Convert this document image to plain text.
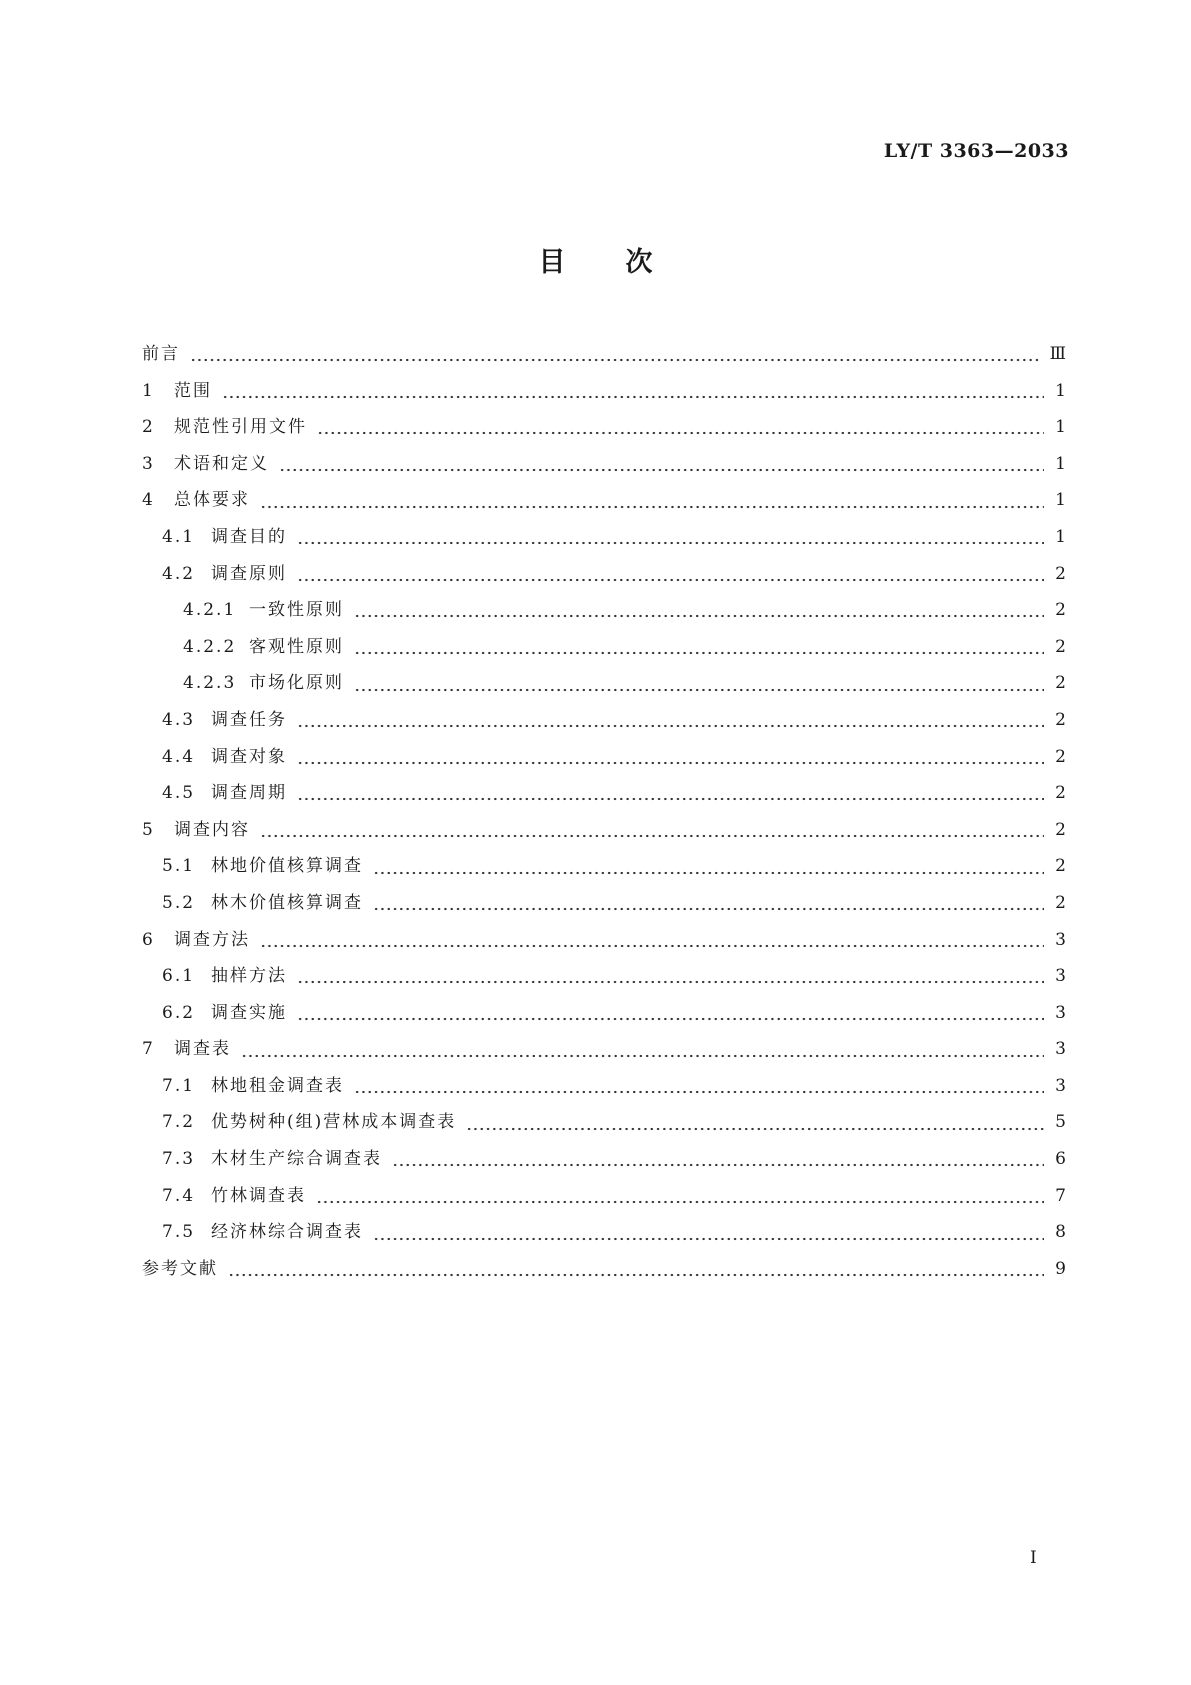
LY/T 3363—2033
目次
前言	Ⅲ
1	范围	1
2	规范性引用文件	1
3	术语和定义	1
4	总体要求	1
4.1 调查目的	1
4.2 调查原则	2
4.2.1 一致性原则	2
4.2.2 客观性原则	2
4.2.3 市场化原则	2
4.3 调查任务	2
4.4 调查对象	2
4.5 调查周期	2
5	调查内容	2
5.1 林地价值核算调查	2
5.2 林木价值核算调查	2
6	调查方法	3
6.1 抽样方法	3
6.2 调查实施	3
7	调查表	3
7.1 林地租金调查表	3
7.2 优势树种(组)营林成本调查表	5
7.3 木材生产综合调查表	6
7.4 竹林调查表	7
7.5 经济林综合调查表	8
参考文献	9
I
